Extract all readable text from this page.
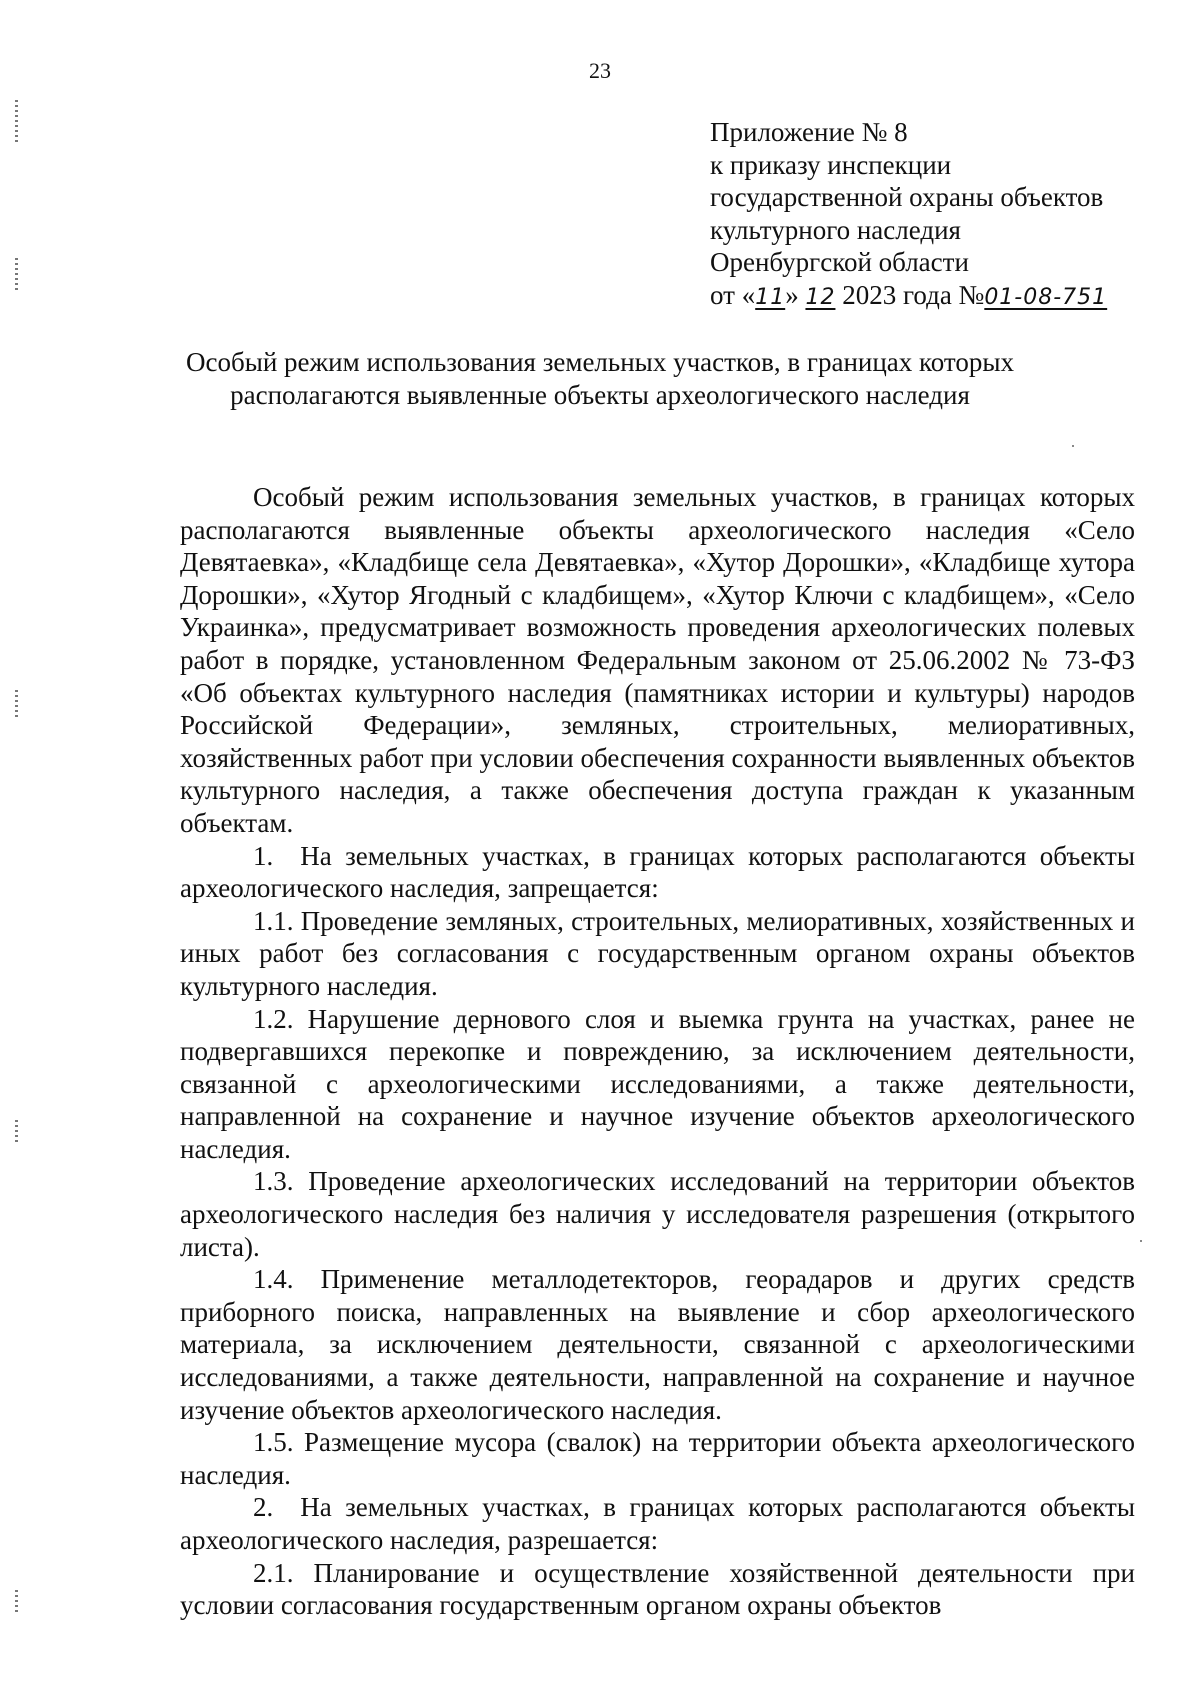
23
Приложение № 8
к приказу инспекции
государственной охраны объектов
культурного наследия
Оренбургской области
от «11» 12 2023 года №01-08-751
Особый режим использования земельных участков, в границах которых
располагаются выявленные объекты археологического наследия

Особый режим использования земельных участков, в границах которых располагаются выявленные объекты археологического наследия «Село Девятаевка», «Кладбище села Девятаевка», «Хутор Дорошки», «Кладбище хутора Дорошки», «Хутор Ягодный с кладбищем», «Хутор Ключи с кладбищем», «Село Украинка», предусматривает возможность проведения археологических полевых работ в порядке, установленном Федеральным законом от 25.06.2002 № 73-ФЗ «Об объектах культурного наследия (памятниках истории и культуры) народов Российской Федерации», земляных, строительных, мелиоративных, хозяйственных работ при условии обеспечения сохранности выявленных объектов культурного наследия, а также обеспечения доступа граждан к указанным объектам.

1. На земельных участках, в границах которых располагаются объекты археологического наследия, запрещается:

1.1. Проведение земляных, строительных, мелиоративных, хозяйственных и иных работ без согласования с государственным органом охраны объектов культурного наследия.

1.2. Нарушение дернового слоя и выемка грунта на участках, ранее не подвергавшихся перекопке и повреждению, за исключением деятельности, связанной с археологическими исследованиями, а также деятельности, направленной на сохранение и научное изучение объектов археологического наследия.

1.3. Проведение археологических исследований на территории объектов археологического наследия без наличия у исследователя разрешения (открытого листа).

1.4. Применение металлодетекторов, георадаров и других средств приборного поиска, направленных на выявление и сбор археологического материала, за исключением деятельности, связанной с археологическими исследованиями, а также деятельности, направленной на сохранение и научное изучение объектов археологического наследия.

1.5. Размещение мусора (свалок) на территории объекта археологического наследия.

2. На земельных участках, в границах которых располагаются объекты археологического наследия, разрешается:

2.1. Планирование и осуществление хозяйственной деятельности при условии согласования государственным органом охраны объектов
